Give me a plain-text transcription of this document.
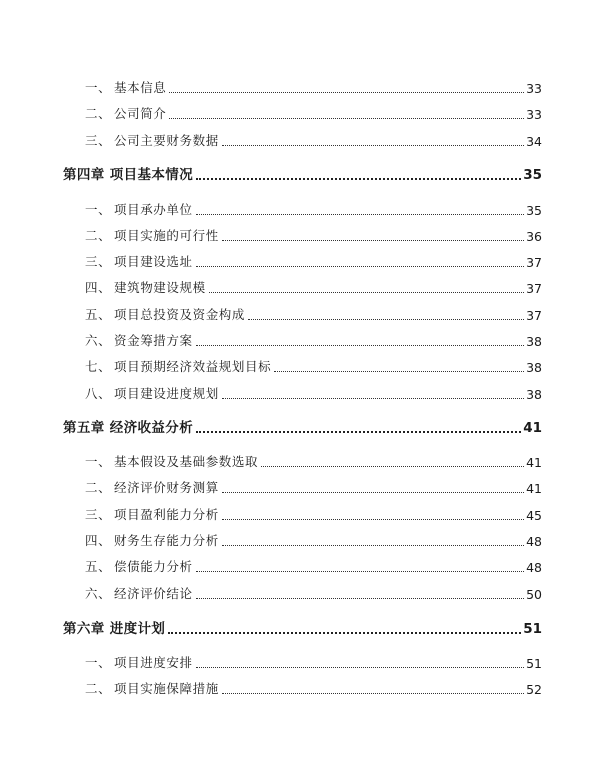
一、 基本信息	33
二、 公司简介	33
三、 公司主要财务数据	34
第四章 项目基本情况	35
一、 项目承办单位	35
二、 项目实施的可行性	36
三、 项目建设选址	37
四、 建筑物建设规模	37
五、 项目总投资及资金构成	37
六、 资金筹措方案	38
七、 项目预期经济效益规划目标	38
八、 项目建设进度规划	38
第五章 经济收益分析	41
一、 基本假设及基础参数选取	41
二、 经济评价财务测算	41
三、 项目盈利能力分析	45
四、 财务生存能力分析	48
五、 偿债能力分析	48
六、 经济评价结论	50
第六章 进度计划	51
一、 项目进度安排	51
二、 项目实施保障措施	52
